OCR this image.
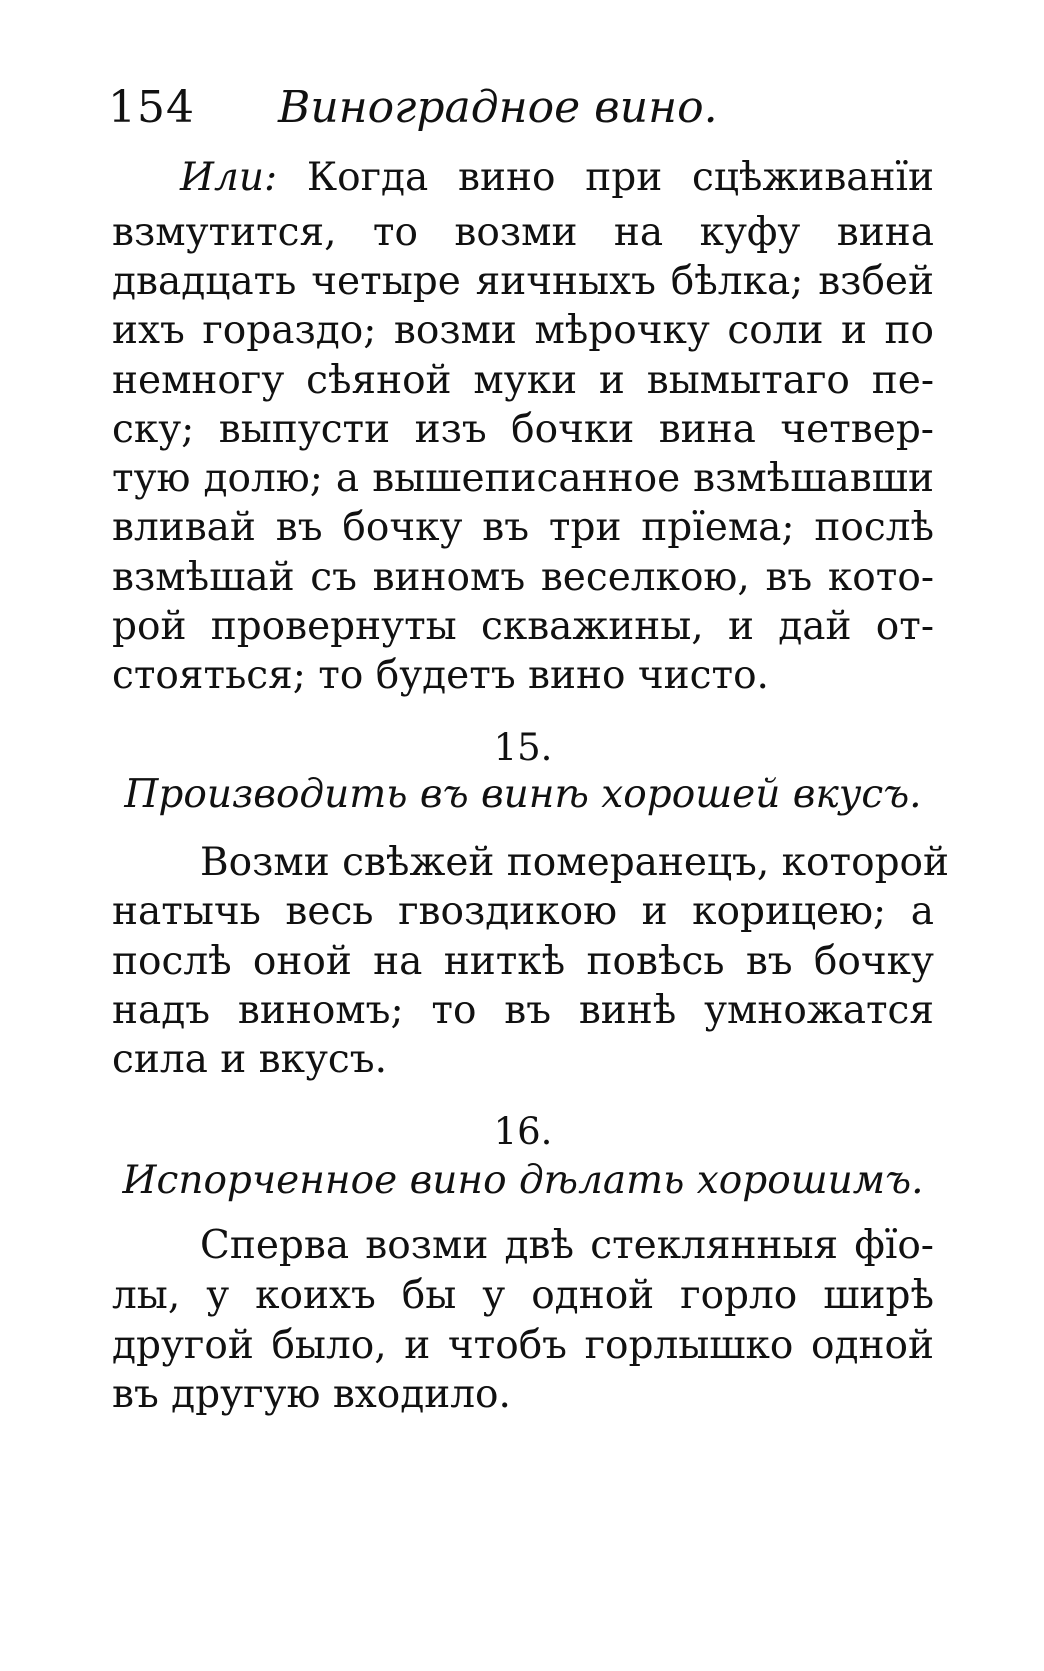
154 Виноградное вино.
Или: Когда вино при сцѣживанïи
взмутится, то возми на куфу вина
двадцать четыре яичныхъ бѣлка; взбей
ихъ гораздо; возми мѣрочку соли и по
немногу сѣяной муки и вымытаго пе-
ску; выпусти изъ бочки вина четвер-
тую долю; а вышеписанное взмѣшавши
вливай въ бочку въ три прïема; послѣ
взмѣшай съ виномъ веселкою, въ кото-
рой провернуты скважины, и дай от-
стояться; то будетъ вино чисто.
15.
Производить въ винѣ хорошей вкусъ.
Возми свѣжей померанецъ, которой
натычь весь гвоздикою и корицею; а
послѣ оной на ниткѣ повѣсь въ бочку
надъ виномъ; то въ винѣ умножатся
сила и вкусъ.
16.
Испорченное вино дѣлать хорошимъ.
Сперва возми двѣ стеклянныя фïо-
лы, у коихъ бы у одной горло ширѣ
другой было, и чтобъ горлышко одной
въ другую входило.
